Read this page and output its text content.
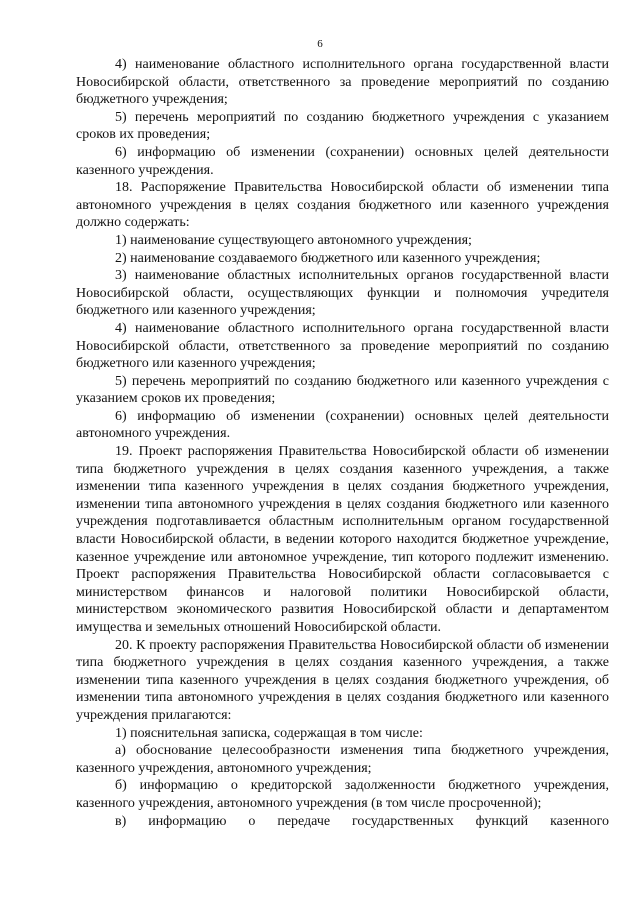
6

4) наименование областного исполнительного органа государственной власти Новосибирской области, ответственного за проведение мероприятий по созданию бюджетного учреждения;

5) перечень мероприятий по созданию бюджетного учреждения с указанием сроков их проведения;

6) информацию об изменении (сохранении) основных целей деятельности казенного учреждения.

18. Распоряжение Правительства Новосибирской области об изменении типа автономного учреждения в целях создания бюджетного или казенного учреждения должно содержать:

1) наименование существующего автономного учреждения;

2) наименование создаваемого бюджетного или казенного учреждения;

3) наименование областных исполнительных органов государственной власти Новосибирской области, осуществляющих функции и полномочия учредителя бюджетного или казенного учреждения;

4) наименование областного исполнительного органа государственной власти Новосибирской области, ответственного за проведение мероприятий по созданию бюджетного или казенного учреждения;

5) перечень мероприятий по созданию бюджетного или казенного учреждения с указанием сроков их проведения;

6) информацию об изменении (сохранении) основных целей деятельности автономного учреждения.

19. Проект распоряжения Правительства Новосибирской области об изменении типа бюджетного учреждения в целях создания казенного учреждения, а также изменении типа казенного учреждения в целях создания бюджетного учреждения, изменении типа автономного учреждения в целях создания бюджетного или казенного учреждения подготавливается областным исполнительным органом государственной власти Новосибирской области, в ведении которого находится бюджетное учреждение, казенное учреждение или автономное учреждение, тип которого подлежит изменению. Проект распоряжения Правительства Новосибирской области согласовывается с министерством финансов и налоговой политики Новосибирской области, министерством экономического развития Новосибирской области и департаментом имущества и земельных отношений Новосибирской области.

20. К проекту распоряжения Правительства Новосибирской области об изменении типа бюджетного учреждения в целях создания казенного учреждения, а также изменении типа казенного учреждения в целях создания бюджетного учреждения, об изменении типа автономного учреждения в целях создания бюджетного или казенного учреждения прилагаются:

1) пояснительная записка, содержащая в том числе:

а) обоснование целесообразности изменения типа бюджетного учреждения, казенного учреждения, автономного учреждения;

б) информацию о кредиторской задолженности бюджетного учреждения, казенного учреждения, автономного учреждения (в том числе просроченной);

в) информацию о передаче государственных функций казенного
